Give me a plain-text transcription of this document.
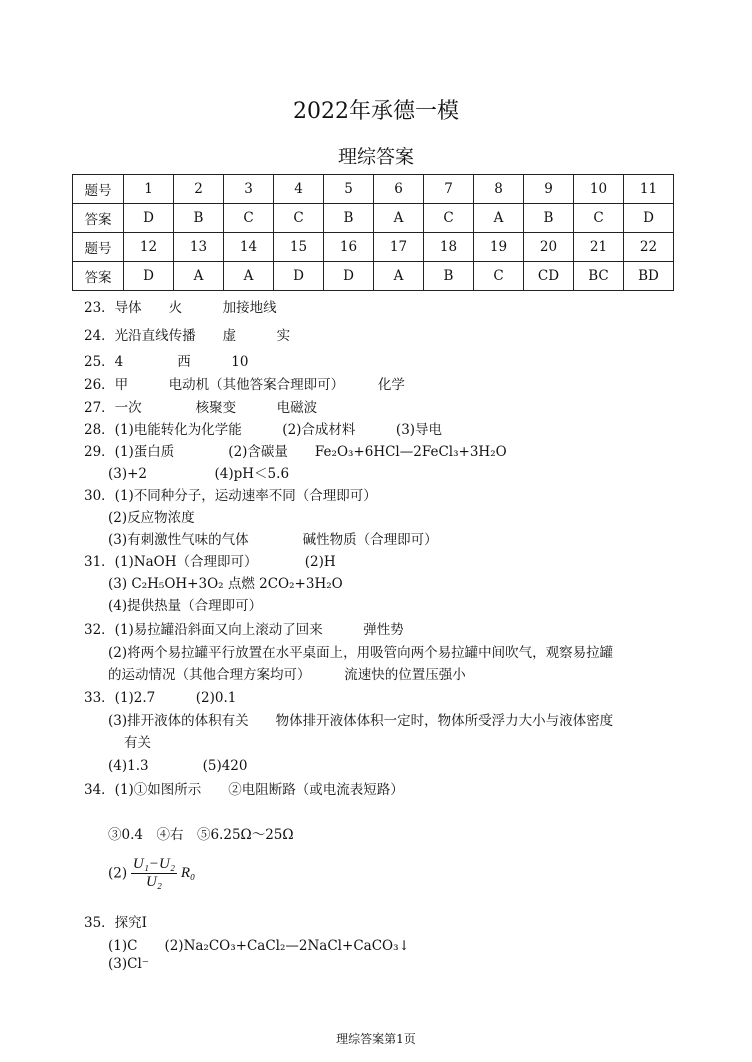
2022年承德一模
理综答案
题号	1	2	3	4	5	6	7	8	9	10	11
答案	D	B	C	C	B	A	C	A	B	C	D
题号	12	13	14	15	16	17	18	19	20	21	22
答案	D	A	A	D	D	A	B	C	CD	BC	BD
23．导体　　火　　　加接地线
24．光沿直线传播　　虚　　　实
25．4　　　　西　　　10
26．甲　　　电动机（其他答案合理即可）　　　化学
27．一次　　　　核聚变　　　电磁波
28．(1)电能转化为化学能　　　(2)合成材料　　　(3)导电
29．(1)蛋白质　　　　(2)含碳量　　Fe₂O₃+6HCl—2FeCl₃+3H₂O
(3)+2　　　　　(4)pH＜5.6
30．(1)不同种分子，运动速率不同（合理即可）
(2)反应物浓度
(3)有刺激性气味的气体　　　　碱性物质（合理即可）
31．(1)NaOH（合理即可）　　　　(2)H
(3) C₂H₅OH+3O₂ 点燃 2CO₂+3H₂O
(4)提供热量（合理即可）
32．(1)易拉罐沿斜面又向上滚动了回来　　　弹性势
(2)将两个易拉罐平行放置在水平桌面上，用吸管向两个易拉罐中间吹气，观察易拉罐
的运动情况（其他合理方案均可）　　　流速快的位置压强小
33．(1)2.7　　　(2)0.1
(3)排开液体的体积有关　　物体排开液体体积一定时，物体所受浮力大小与液体密度
有关
(4)1.3　　　　(5)420
34．(1)①如图所示　　②电阻断路（或电流表短路）
③0.4　④右　⑤6.25Ω～25Ω
35．探究Ⅰ
(1)C　　(2)Na₂CO₃+CaCl₂—2NaCl+CaCO₃↓
(3)Cl⁻
$(2) \frac{\text{U₁−U₂}}{\text{U₂}} R_0$
理综答案第1页
